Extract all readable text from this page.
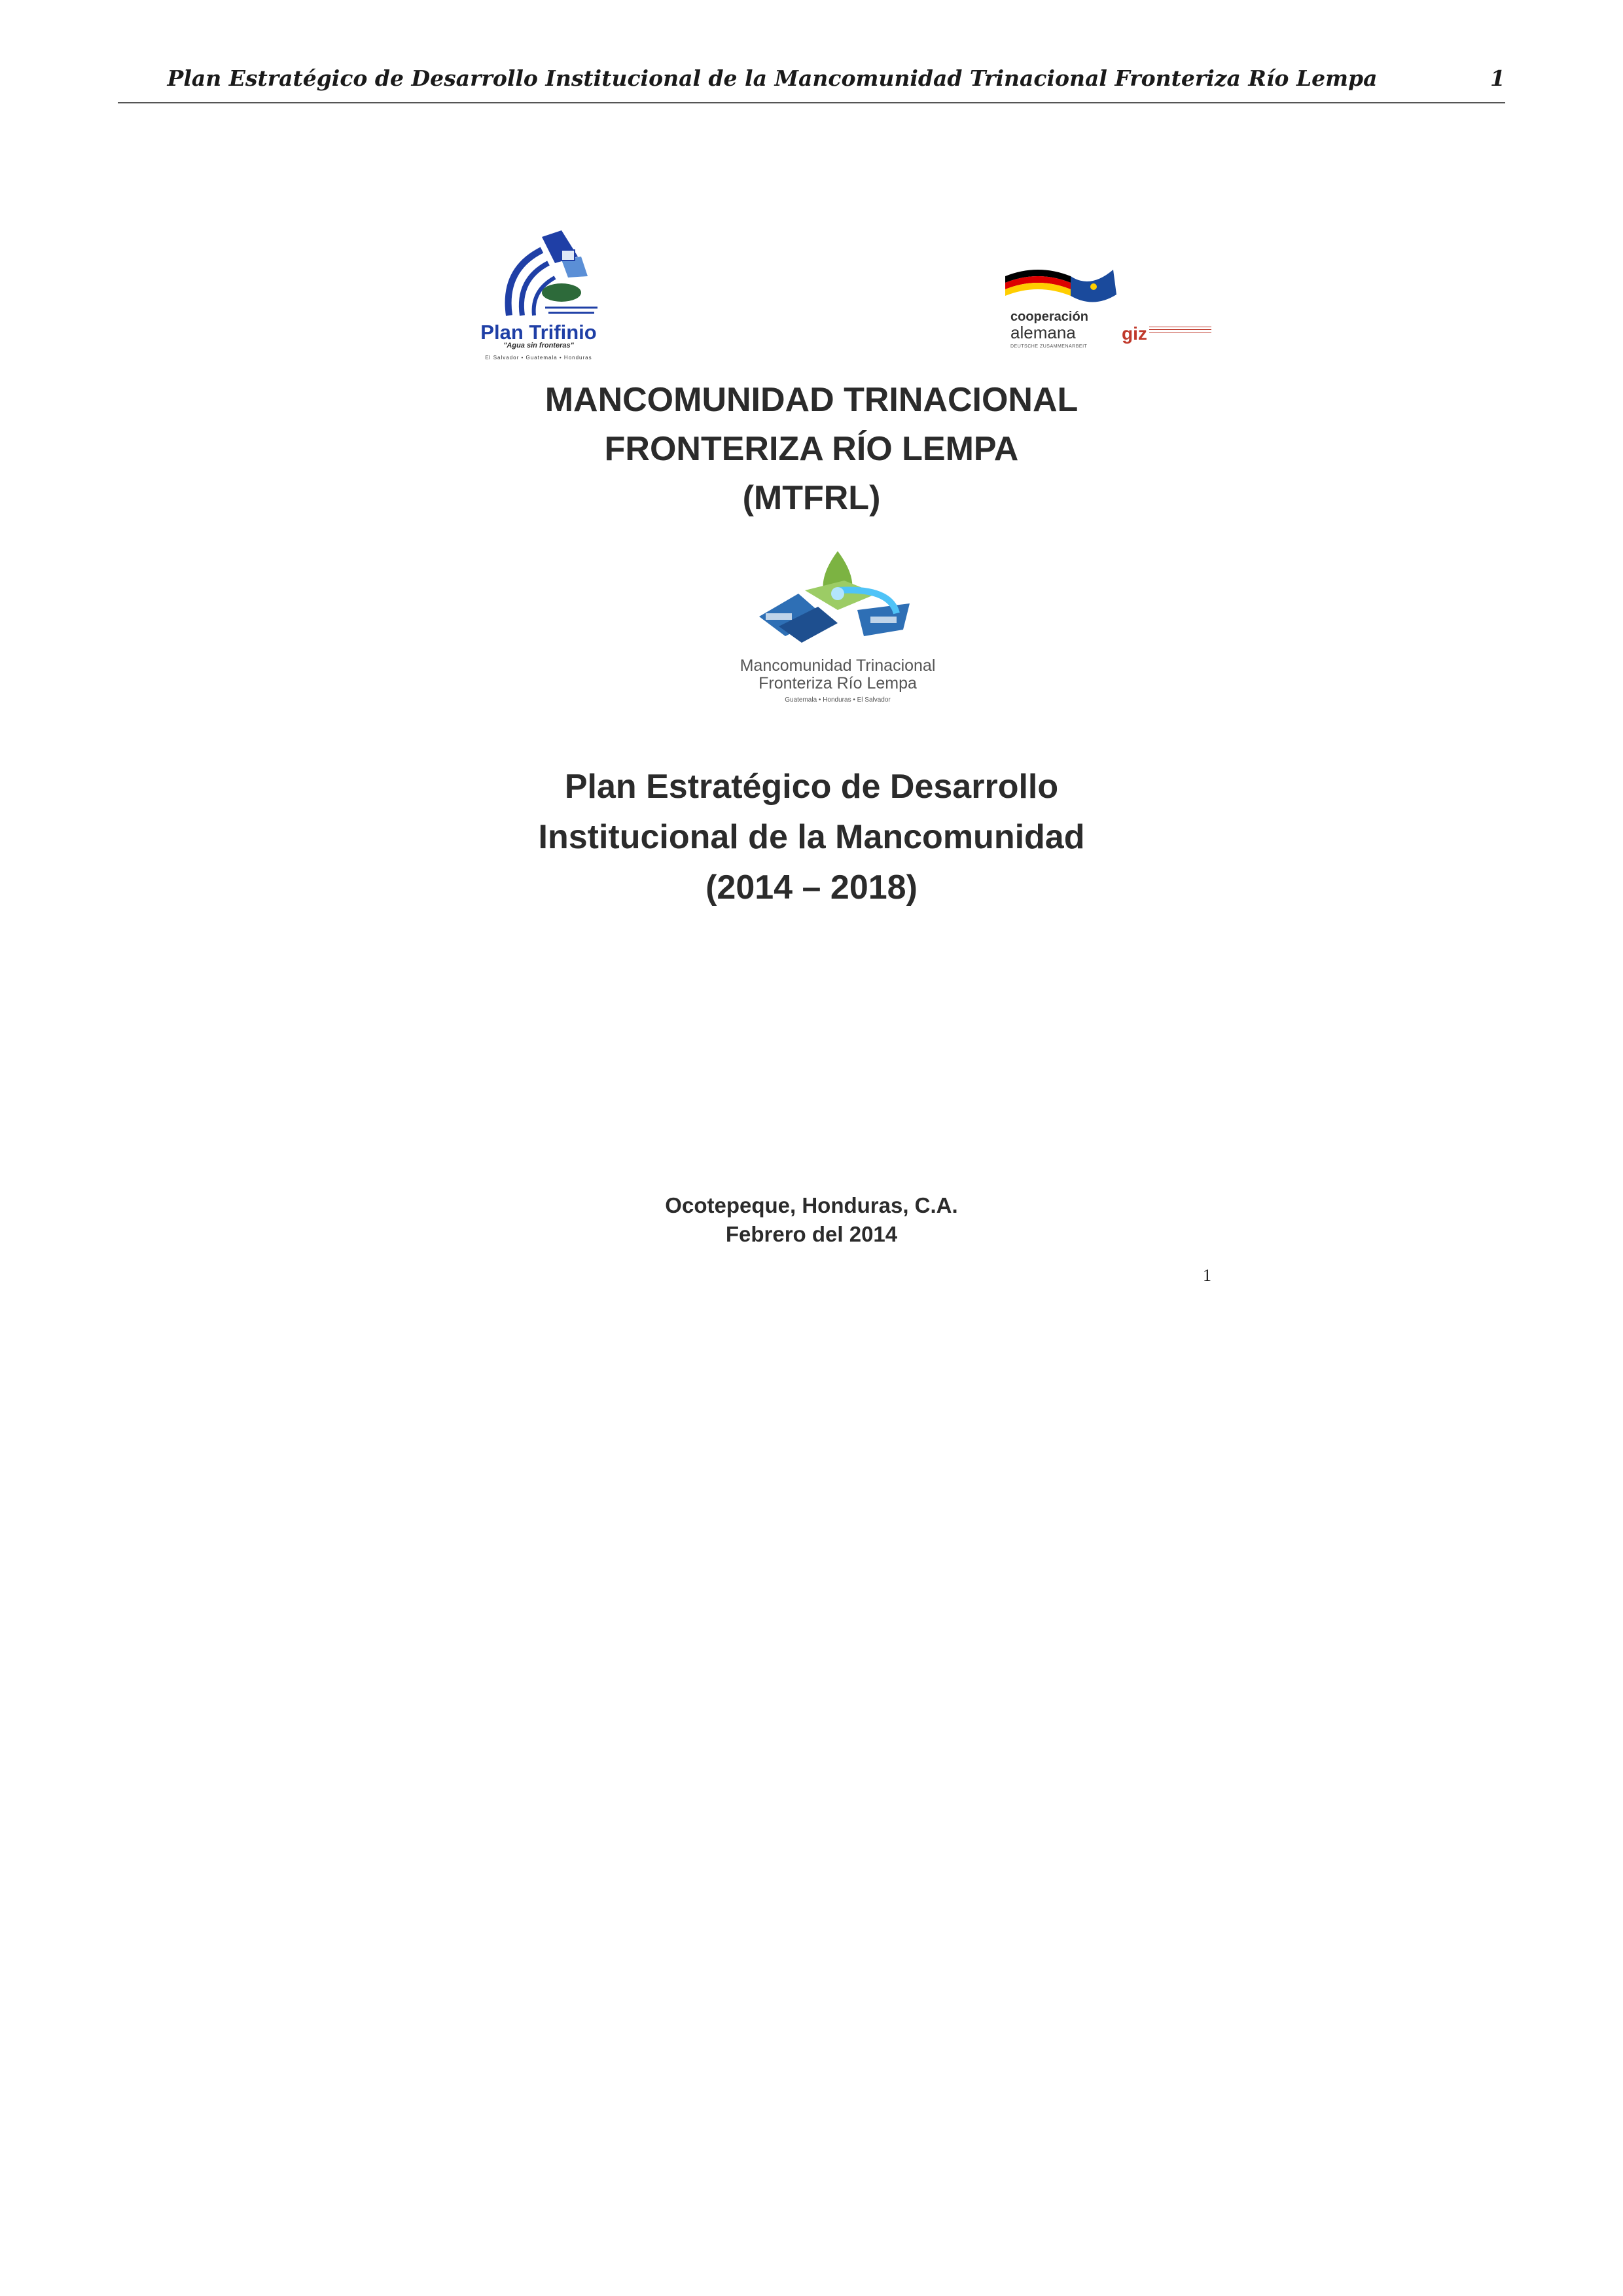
Plan Estratégico de Desarrollo Institucional de la Mancomunidad Trinacional Fronteriza Río Lempa	1
Plan Trifinio
"Agua sin fronteras"
El Salvador • Guatemala • Honduras
cooperación
alemana
DEUTSCHE ZUSAMMENARBEIT
giz
MANCOMUNIDAD TRINACIONAL
FRONTERIZA RÍO LEMPA
(MTFRL)
Mancomunidad Trinacional
Fronteriza Río Lempa
Guatemala • Honduras • El Salvador
Plan Estratégico de Desarrollo
Institucional de la Mancomunidad
(2014 – 2018)
Ocotepeque, Honduras, C.A.
Febrero del 2014
1
